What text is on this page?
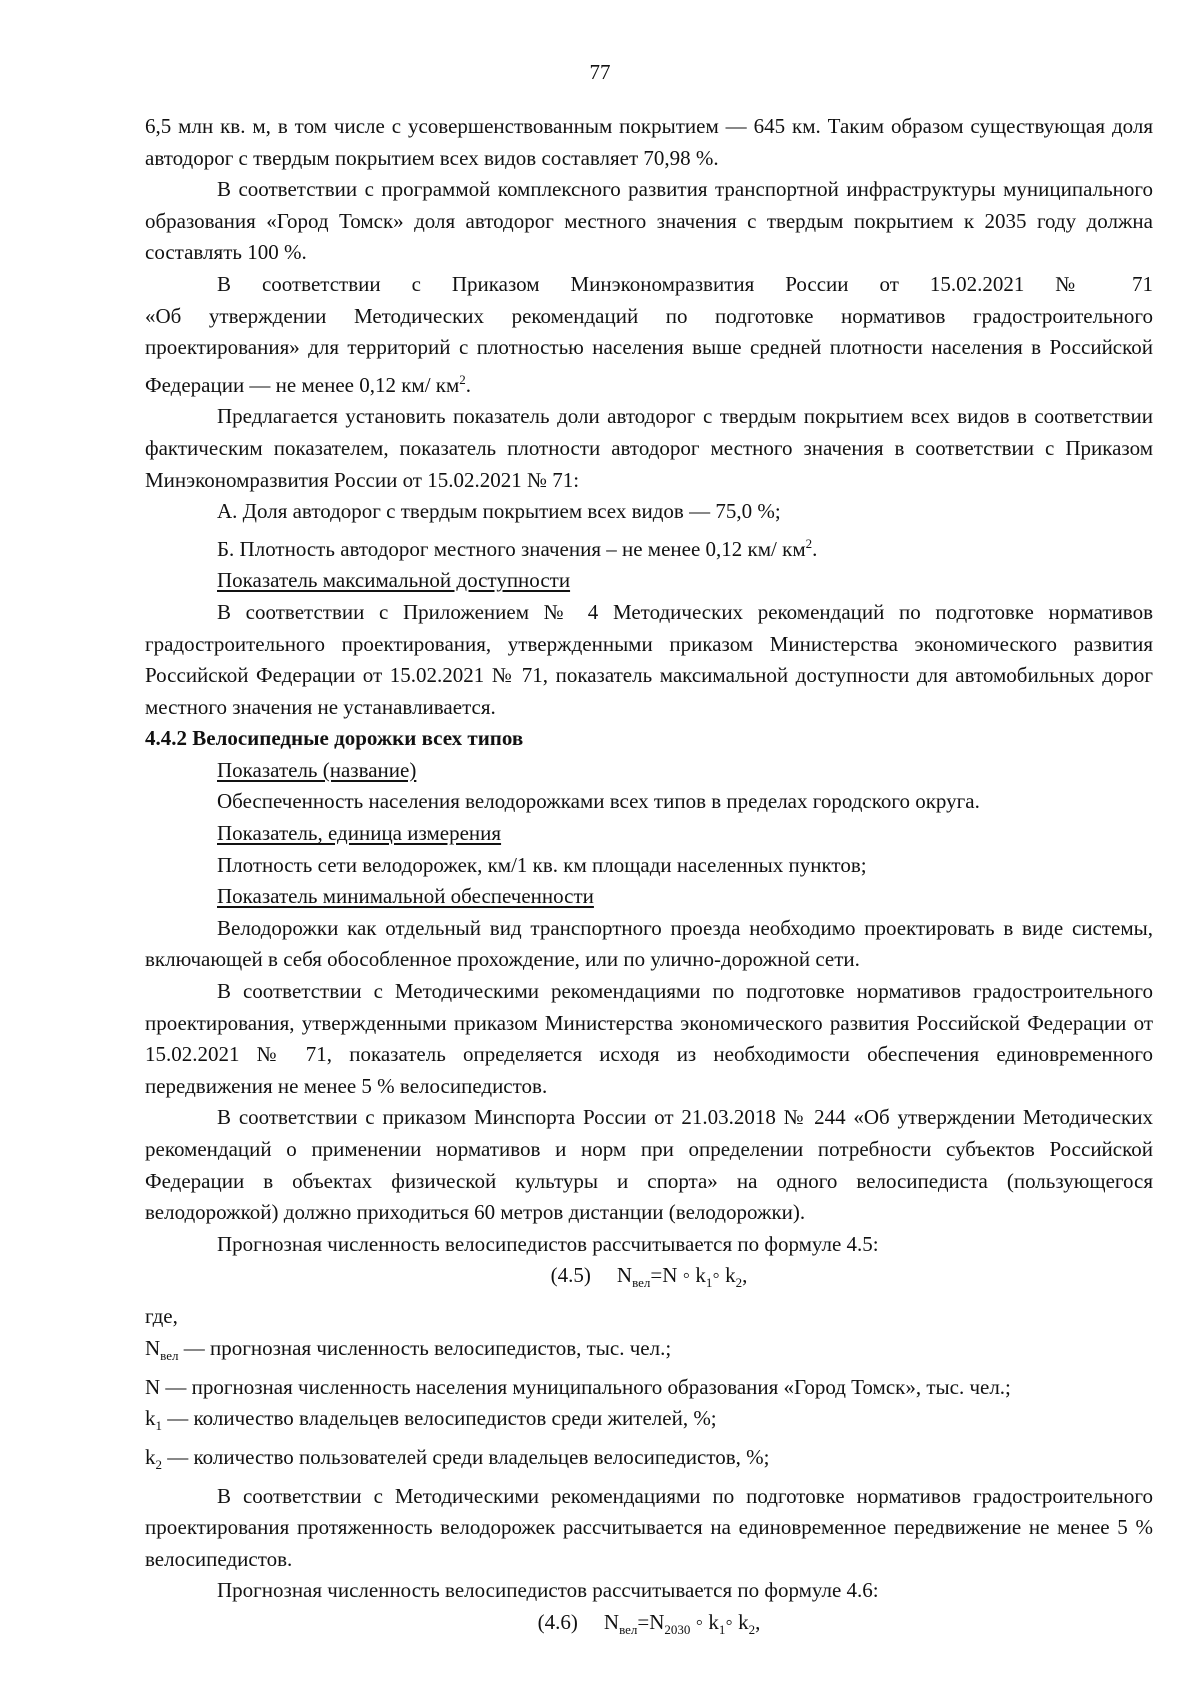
77

6,5 млн кв. м, в том числе с усовершенствованным покрытием — 645 км. Таким образом существующая доля автодорог с твердым покрытием всех видов составляет 70,98 %.

В соответствии с программой комплексного развития транспортной инфраструктуры муниципального образования «Город Томск» доля автодорог местного значения с твердым покрытием к 2035 году должна составлять 100 %.

В соответствии с Приказом Минэкономразвития России от 15.02.2021 № 71

«Об утверждении Методических рекомендаций по подготовке нормативов градостроительного проектирования» для территорий с плотностью населения выше средней плотности населения в Российской Федерации — не менее 0,12 км/ $км^2$.

Предлагается установить показатель доли автодорог с твердым покрытием всех видов в соответствии фактическим показателем, показатель плотности автодорог местного значения в соответствии с Приказом Минэкономразвития России от 15.02.2021 № 71:

А. Доля автодорог с твердым покрытием всех видов — 75,0 %;

Б. Плотность автодорог местного значения – не менее 0,12 км/ $км^2$.

Показатель максимальной доступности

В соответствии с Приложением № 4 Методических рекомендаций по подготовке нормативов градостроительного проектирования, утвержденными приказом Министерства экономического развития Российской Федерации от 15.02.2021 № 71, показатель максимальной доступности для автомобильных дорог местного значения не устанавливается.

4.4.2 Велосипедные дорожки всех типов

Показатель (название)

Обеспеченность населения велодорожками всех типов в пределах городского округа.

Показатель, единица измерения

Плотность сети велодорожек, км/1 кв. км площади населенных пунктов;

Показатель минимальной обеспеченности

Велодорожки как отдельный вид транспортного проезда необходимо проектировать в виде системы, включающей в себя обособленное прохождение, или по улично-дорожной сети.

В соответствии с Методическими рекомендациями по подготовке нормативов градостроительного проектирования, утвержденными приказом Министерства экономического развития Российской Федерации от 15.02.2021 № 71, показатель определяется исходя из необходимости обеспечения единовременного передвижения не менее 5 % велосипедистов.

В соответствии с приказом Минспорта России от 21.03.2018 № 244 «Об утверждении Методических рекомендаций о применении нормативов и норм при определении потребности субъектов Российской Федерации в объектах физической культуры и спорта» на одного велосипедиста (пользующегося велодорожкой) должно приходиться 60 метров дистанции (велодорожки).

Прогнозная численность велосипедистов рассчитывается по формуле 4.5:

(4.5) $N_{вел}=N$ ◦ $k_1◦$ $k_2$,

где,

$N_{вел}$ — прогнозная численность велосипедистов, тыс. чел.;

N — прогнозная численность населения муниципального образования «Город Томск», тыс. чел.;

$k_1$ — количество владельцев велосипедистов среди жителей, %;

$k_2$ — количество пользователей среди владельцев велосипедистов, %;

В соответствии с Методическими рекомендациями по подготовке нормативов градостроительного проектирования протяженность велодорожек рассчитывается на единовременное передвижение не менее 5 % велосипедистов.

Прогнозная численность велосипедистов рассчитывается по формуле 4.6:

(4.6) $N_{вел}=N_{2030}$ ◦ $k_1◦$ $k_2$,
